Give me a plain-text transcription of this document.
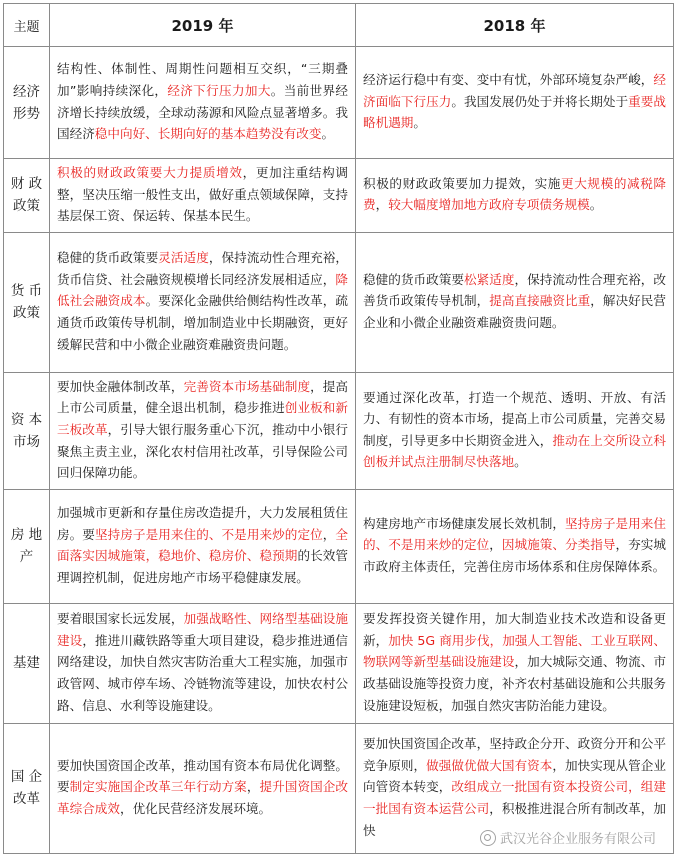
主题	2019 年	2018 年

经济
形势	结构性、体制性、周期性问题相互交织，“三期叠加”影响持续深化，经济下行压力加大。当前世界经济增长持续放缓，全球动荡源和风险点显著增多。我国经济稳中向好、长期向好的基本趋势没有改变。	经济运行稳中有变、变中有忧，外部环境复杂严峻，经济面临下行压力。我国发展仍处于并将长期处于重要战略机遇期。

财 政
政策	积极的财政政策要大力提质增效，更加注重结构调整，坚决压缩一般性支出，做好重点领域保障，支持基层保工资、保运转、保基本民生。	积极的财政政策要加力提效，实施更大规模的减税降费，较大幅度增加地方政府专项债务规模。

货 币
政策	稳健的货币政策要灵活适度，保持流动性合理充裕，货币信贷、社会融资规模增长同经济发展相适应，降低社会融资成本。要深化金融供给侧结构性改革，疏通货币政策传导机制，增加制造业中长期融资，更好缓解民营和中小微企业融资难融资贵问题。	稳健的货币政策要松紧适度，保持流动性合理充裕，改善货币政策传导机制，提高直接融资比重，解决好民营企业和小微企业融资难融资贵问题。

资 本
市场	要加快金融体制改革，完善资本市场基础制度，提高上市公司质量，健全退出机制，稳步推进创业板和新三板改革，引导大银行服务重心下沉，推动中小银行聚焦主责主业，深化农村信用社改革，引导保险公司回归保障功能。	要通过深化改革，打造一个规范、透明、开放、有活力、有韧性的资本市场，提高上市公司质量，完善交易制度，引导更多中长期资金进入，推动在上交所设立科创板并试点注册制尽快落地。

房 地
产	加强城市更新和存量住房改造提升，大力发展租赁住房。要坚持房子是用来住的、不是用来炒的定位，全面落实因城施策，稳地价、稳房价、稳预期的长效管理调控机制，促进房地产市场平稳健康发展。	构建房地产市场健康发展长效机制，坚持房子是用来住的、不是用来炒的定位，因城施策、分类指导，夯实城市政府主体责任，完善住房市场体系和住房保障体系。

基建	要着眼国家长远发展，加强战略性、网络型基础设施建设，推进川藏铁路等重大项目建设，稳步推进通信网络建设，加快自然灾害防治重大工程实施，加强市政管网、城市停车场、冷链物流等建设，加快农村公路、信息、水利等设施建设。	要发挥投资关键作用，加大制造业技术改造和设备更新，加快 5G 商用步伐，加强人工智能、工业互联网、物联网等新型基础设施建设，加大城际交通、物流、市政基础设施等投资力度，补齐农村基础设施和公共服务设施建设短板，加强自然灾害防治能力建设。

国 企
改革	要加快国资国企改革，推动国有资本布局优化调整。要制定实施国企改革三年行动方案，提升国资国企改革综合成效，优化民营经济发展环境。	要加快国资国企改革，坚持政企分开、政资分开和公平竞争原则，做强做优做大国有资本，加快实现从管企业向管资本转变，改组成立一批国有资本投资公司，组建一批国有资本运营公司，积极推进混合所有制改革，加快
武汉光谷企业服务有限公司
